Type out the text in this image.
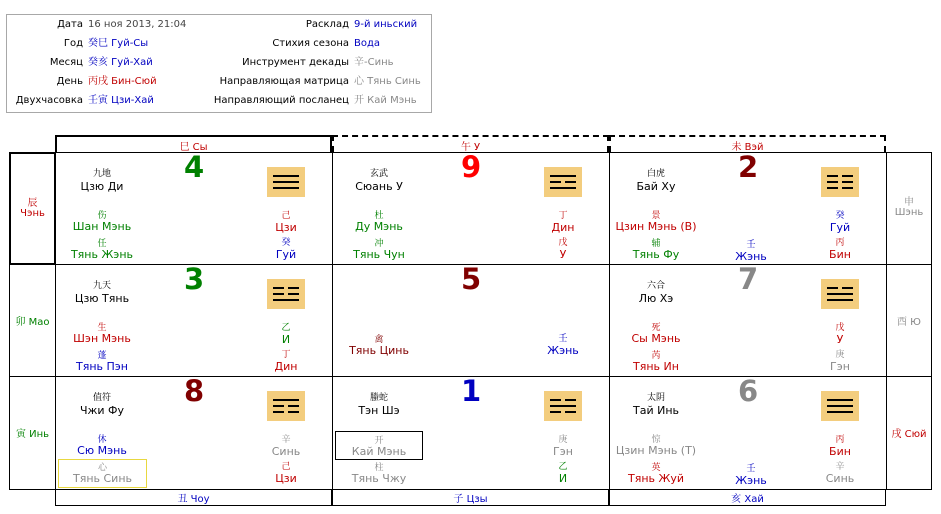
Дата 16 ноя 2013, 21:04
Год 癸巳 Гуй-Сы
Месяц 癸亥 Гуй-Хай
День 丙戌 Бин-Сюй
Двухчасовка 壬寅 Цзи-Хай
Расклад 9-й иньский
Стихия сезона Вода
Инструмент декады 辛-Синь
Направляющая матрица 心 Тянь Синь
Направляющий посланец 开 Кай Мэнь
巳 Сы	午 У	未 Вэй
丑 Чоу	子 Цзы	亥 Хай
辰
Чэнь
申
Шэнь
卯 Мао	酉 Ю
寅 Инь	戌 Сюй
4
九地
Цзю Ди
伤
Шан Мэнь
任
Тянь Жэнь
己
Цзи
癸
Гуй
9
玄武
Сюань У
杜
Ду Мэнь
冲
Тянь Чун
丁
Дин
戊
У
2
白虎
Бай Ху
景
Цзин Мэнь (В)
辅
Тянь Фу
壬
Жэнь
癸
Гуй
丙
Бин
3
九天
Цзю Тянь
生
Шэн Мэнь
蓬
Тянь Пэн
乙
И
丁
Дин
5
禽
Тянь Цинь
壬
Жэнь
7
六合
Лю Хэ
死
Сы Мэнь
芮
Тянь Ин
戊
У
庚
Гэн
8
值符
Чжи Фу
休
Сю Мэнь
心
Тянь Синь
辛
Синь
己
Цзи
1
螣蛇
Тэн Шэ
开
Кай Мэнь
柱
Тянь Чжу
庚
Гэн
乙
И
6
太阴
Тай Инь
惊
Цзин Мэнь (Т)
英
Тянь Жуй
壬
Жэнь
丙
Бин
辛
Синь
